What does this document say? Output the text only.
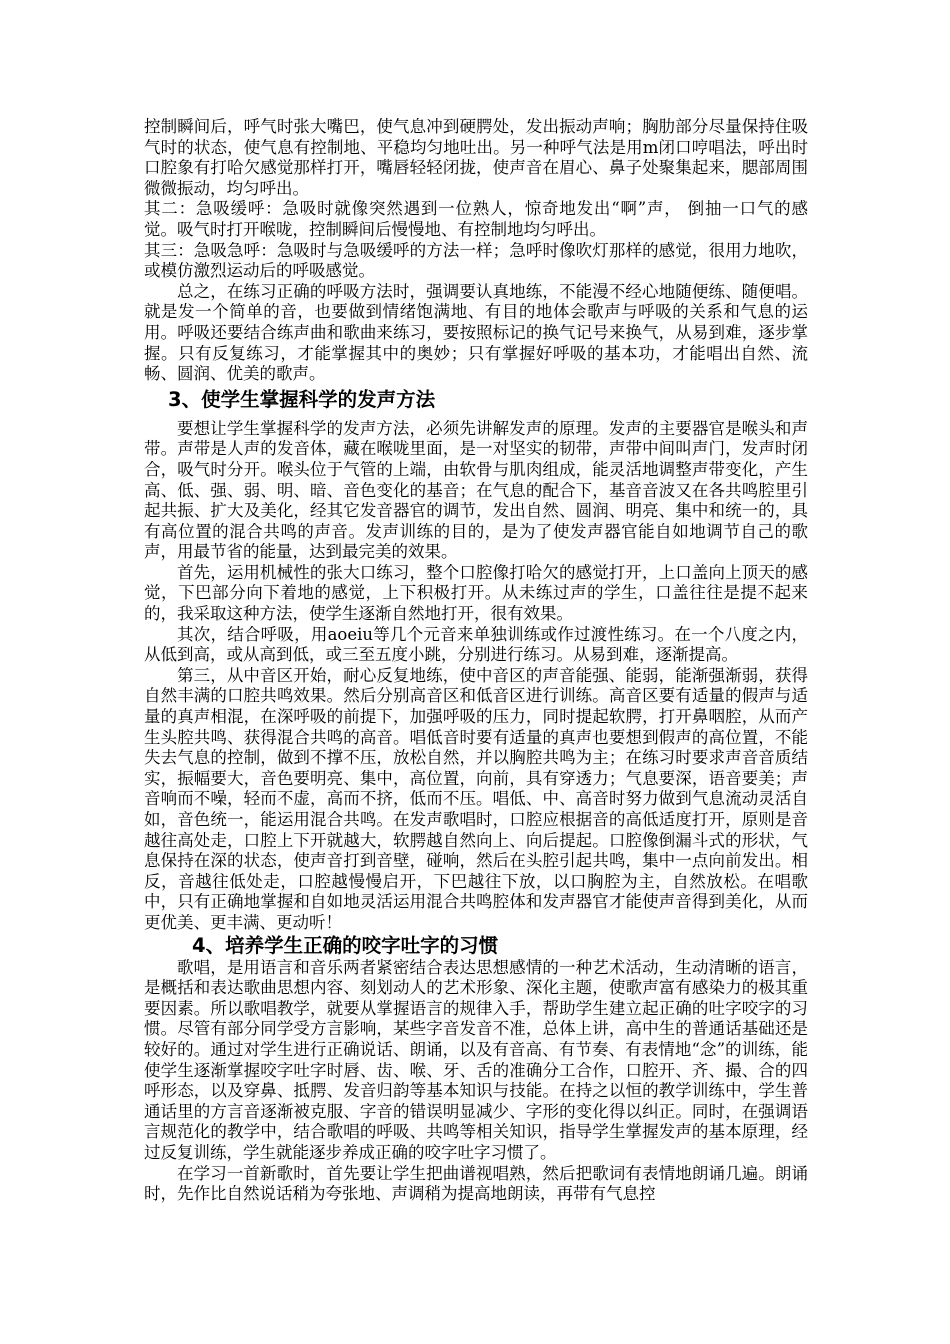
控制瞬间后，呼气时张大嘴巴，使气息冲到硬腭处，发出振动声响；胸肋部分尽量保持住吸气时的状态，使气息有控制地、平稳均匀地吐出。另一种呼气法是用m闭口哼唱法，呼出时口腔象有打哈欠感觉那样打开，嘴唇轻轻闭拢，使声音在眉心、鼻子处聚集起来，腮部周围微微振动，均匀呼出。

其二：急吸缓呼：急吸时就像突然遇到一位熟人，惊奇地发出“啊”声， 倒抽一口气的感觉。吸气时打开喉咙，控制瞬间后慢慢地、有控制地均匀呼出。

其三：急吸急呼：急吸时与急吸缓呼的方法一样；急呼时像吹灯那样的感觉，很用力地吹，或模仿激烈运动后的呼吸感觉。

总之，在练习正确的呼吸方法时，强调要认真地练，不能漫不经心地随便练、随便唱。就是发一个简单的音，也要做到情绪饱满地、有目的地体会歌声与呼吸的关系和气息的运用。呼吸还要结合练声曲和歌曲来练习，要按照标记的换气记号来换气，从易到难，逐步掌握。只有反复练习，才能掌握其中的奥妙；只有掌握好呼吸的基本功，才能唱出自然、流畅、圆润、优美的歌声。

3、使学生掌握科学的发声方法

要想让学生掌握科学的发声方法，必须先讲解发声的原理。发声的主要器官是喉头和声带。声带是人声的发音体，藏在喉咙里面，是一对坚实的韧带，声带中间叫声门，发声时闭合，吸气时分开。喉头位于气管的上端，由软骨与肌肉组成，能灵活地调整声带变化，产生高、低、强、弱、明、暗、音色变化的基音；在气息的配合下，基音音波又在各共鸣腔里引起共振、扩大及美化，经其它发音器官的调节，发出自然、圆润、明亮、集中和统一的，具有高位置的混合共鸣的声音。发声训练的目的，是为了使发声器官能自如地调节自己的歌声，用最节省的能量，达到最完美的效果。

首先，运用机械性的张大口练习，整个口腔像打哈欠的感觉打开，上口盖向上顶天的感觉，下巴部分向下着地的感觉，上下积极打开。从未练过声的学生，口盖往往是提不起来的，我采取这种方法，使学生逐渐自然地打开，很有效果。

其次，结合呼吸，用aoeiu等几个元音来单独训练或作过渡性练习。在一个八度之内，从低到高，或从高到低，或三至五度小跳，分别进行练习。从易到难，逐渐提高。

第三，从中音区开始，耐心反复地练，使中音区的声音能强、能弱，能渐强渐弱，获得自然丰满的口腔共鸣效果。然后分别高音区和低音区进行训练。高音区要有适量的假声与适量的真声相混，在深呼吸的前提下，加强呼吸的压力，同时提起软腭，打开鼻咽腔，从而产生头腔共鸣、获得混合共鸣的高音。唱低音时要有适量的真声也要想到假声的高位置，不能失去气息的控制，做到不撑不压，放松自然，并以胸腔共鸣为主；在练习时要求声音音质结实，振幅要大，音色要明亮、集中，高位置，向前，具有穿透力；气息要深，语音要美；声音响而不噪，轻而不虚，高而不挤，低而不压。唱低、中、高音时努力做到气息流动灵活自如，音色统一，能运用混合共鸣。在发声歌唱时，口腔应根据音的高低适度打开，原则是音越往高处走，口腔上下开就越大，软腭越自然向上、向后提起。口腔像倒漏斗式的形状，气息保持在深的状态，使声音打到音壁，碰响，然后在头腔引起共鸣，集中一点向前发出。相反，音越往低处走，口腔越慢慢启开，下巴越往下放，以口胸腔为主，自然放松。在唱歌中，只有正确地掌握和自如地灵活运用混合共鸣腔体和发声器官才能使声音得到美化，从而更优美、更丰满、更动听！

4、培养学生正确的咬字吐字的习惯

歌唱，是用语言和音乐两者紧密结合表达思想感情的一种艺术活动，生动清晰的语言，是概括和表达歌曲思想内容、刻划动人的艺术形象、深化主题，使歌声富有感染力的极其重要因素。所以歌唱教学，就要从掌握语言的规律入手，帮助学生建立起正确的吐字咬字的习惯。尽管有部分同学受方言影响，某些字音发音不准，总体上讲，高中生的普通话基础还是较好的。通过对学生进行正确说话、朗诵，以及有音高、有节奏、有表情地“念”的训练，能使学生逐渐掌握咬字吐字时唇、齿、喉、牙、舌的准确分工合作，口腔开、齐、撮、合的四呼形态，以及穿鼻、抵腭、发音归韵等基本知识与技能。在持之以恒的教学训练中，学生普通话里的方言音逐渐被克服、字音的错误明显减少、字形的变化得以纠正。同时，在强调语言规范化的教学中，结合歌唱的呼吸、共鸣等相关知识，指导学生掌握发声的基本原理，经过反复训练，学生就能逐步养成正确的咬字吐字习惯了。

在学习一首新歌时，首先要让学生把曲谱视唱熟，然后把歌词有表情地朗诵几遍。朗诵时，先作比自然说话稍为夸张地、声调稍为提高地朗读，再带有气息控
